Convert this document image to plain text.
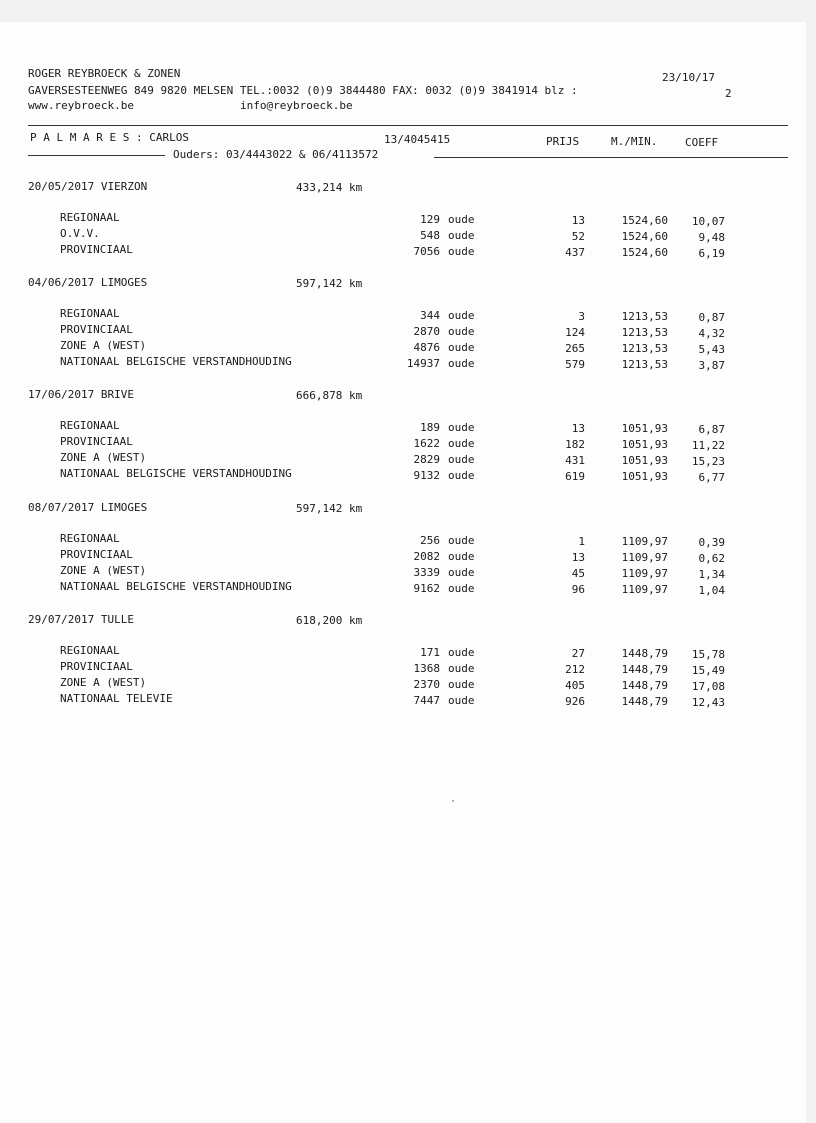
ROGER REYBROECK & ZONEN	23/10/17
GAVERSESTEENWEG 849 9820 MELSEN TEL.:0032 (0)9 3844480 FAX: 0032 (0)9 3841914 blz :	2
www.reybroeck.be	info@reybroeck.be
P A L M A R E S : CARLOS	13/4045415	PRIJS	M./MIN.	COEFF
Ouders: 03/4443022 & 06/4113572
20/05/2017 VIERZON	433,214 km
REGIONAAL	129 oude	13	1524,60	10,07
O.V.V.	548 oude	52	1524,60	9,48
PROVINCIAAL	7056 oude	437	1524,60	6,19
04/06/2017 LIMOGES	597,142 km
REGIONAAL	344 oude	3	1213,53	0,87
PROVINCIAAL	2870 oude	124	1213,53	4,32
ZONE A (WEST)	4876 oude	265	1213,53	5,43
NATIONAAL BELGISCHE VERSTANDHOUDING	14937 oude	579	1213,53	3,87
17/06/2017 BRIVE	666,878 km
REGIONAAL	189 oude	13	1051,93	6,87
PROVINCIAAL	1622 oude	182	1051,93	11,22
ZONE A (WEST)	2829 oude	431	1051,93	15,23
NATIONAAL BELGISCHE VERSTANDHOUDING	9132 oude	619	1051,93	6,77
08/07/2017 LIMOGES	597,142 km
REGIONAAL	256 oude	1	1109,97	0,39
PROVINCIAAL	2082 oude	13	1109,97	0,62
ZONE A (WEST)	3339 oude	45	1109,97	1,34
NATIONAAL BELGISCHE VERSTANDHOUDING	9162 oude	96	1109,97	1,04
29/07/2017 TULLE	618,200 km
REGIONAAL	171 oude	27	1448,79	15,78
PROVINCIAAL	1368 oude	212	1448,79	15,49
ZONE A (WEST)	2370 oude	405	1448,79	17,08
NATIONAAL TELEVIE	7447 oude	926	1448,79	12,43
